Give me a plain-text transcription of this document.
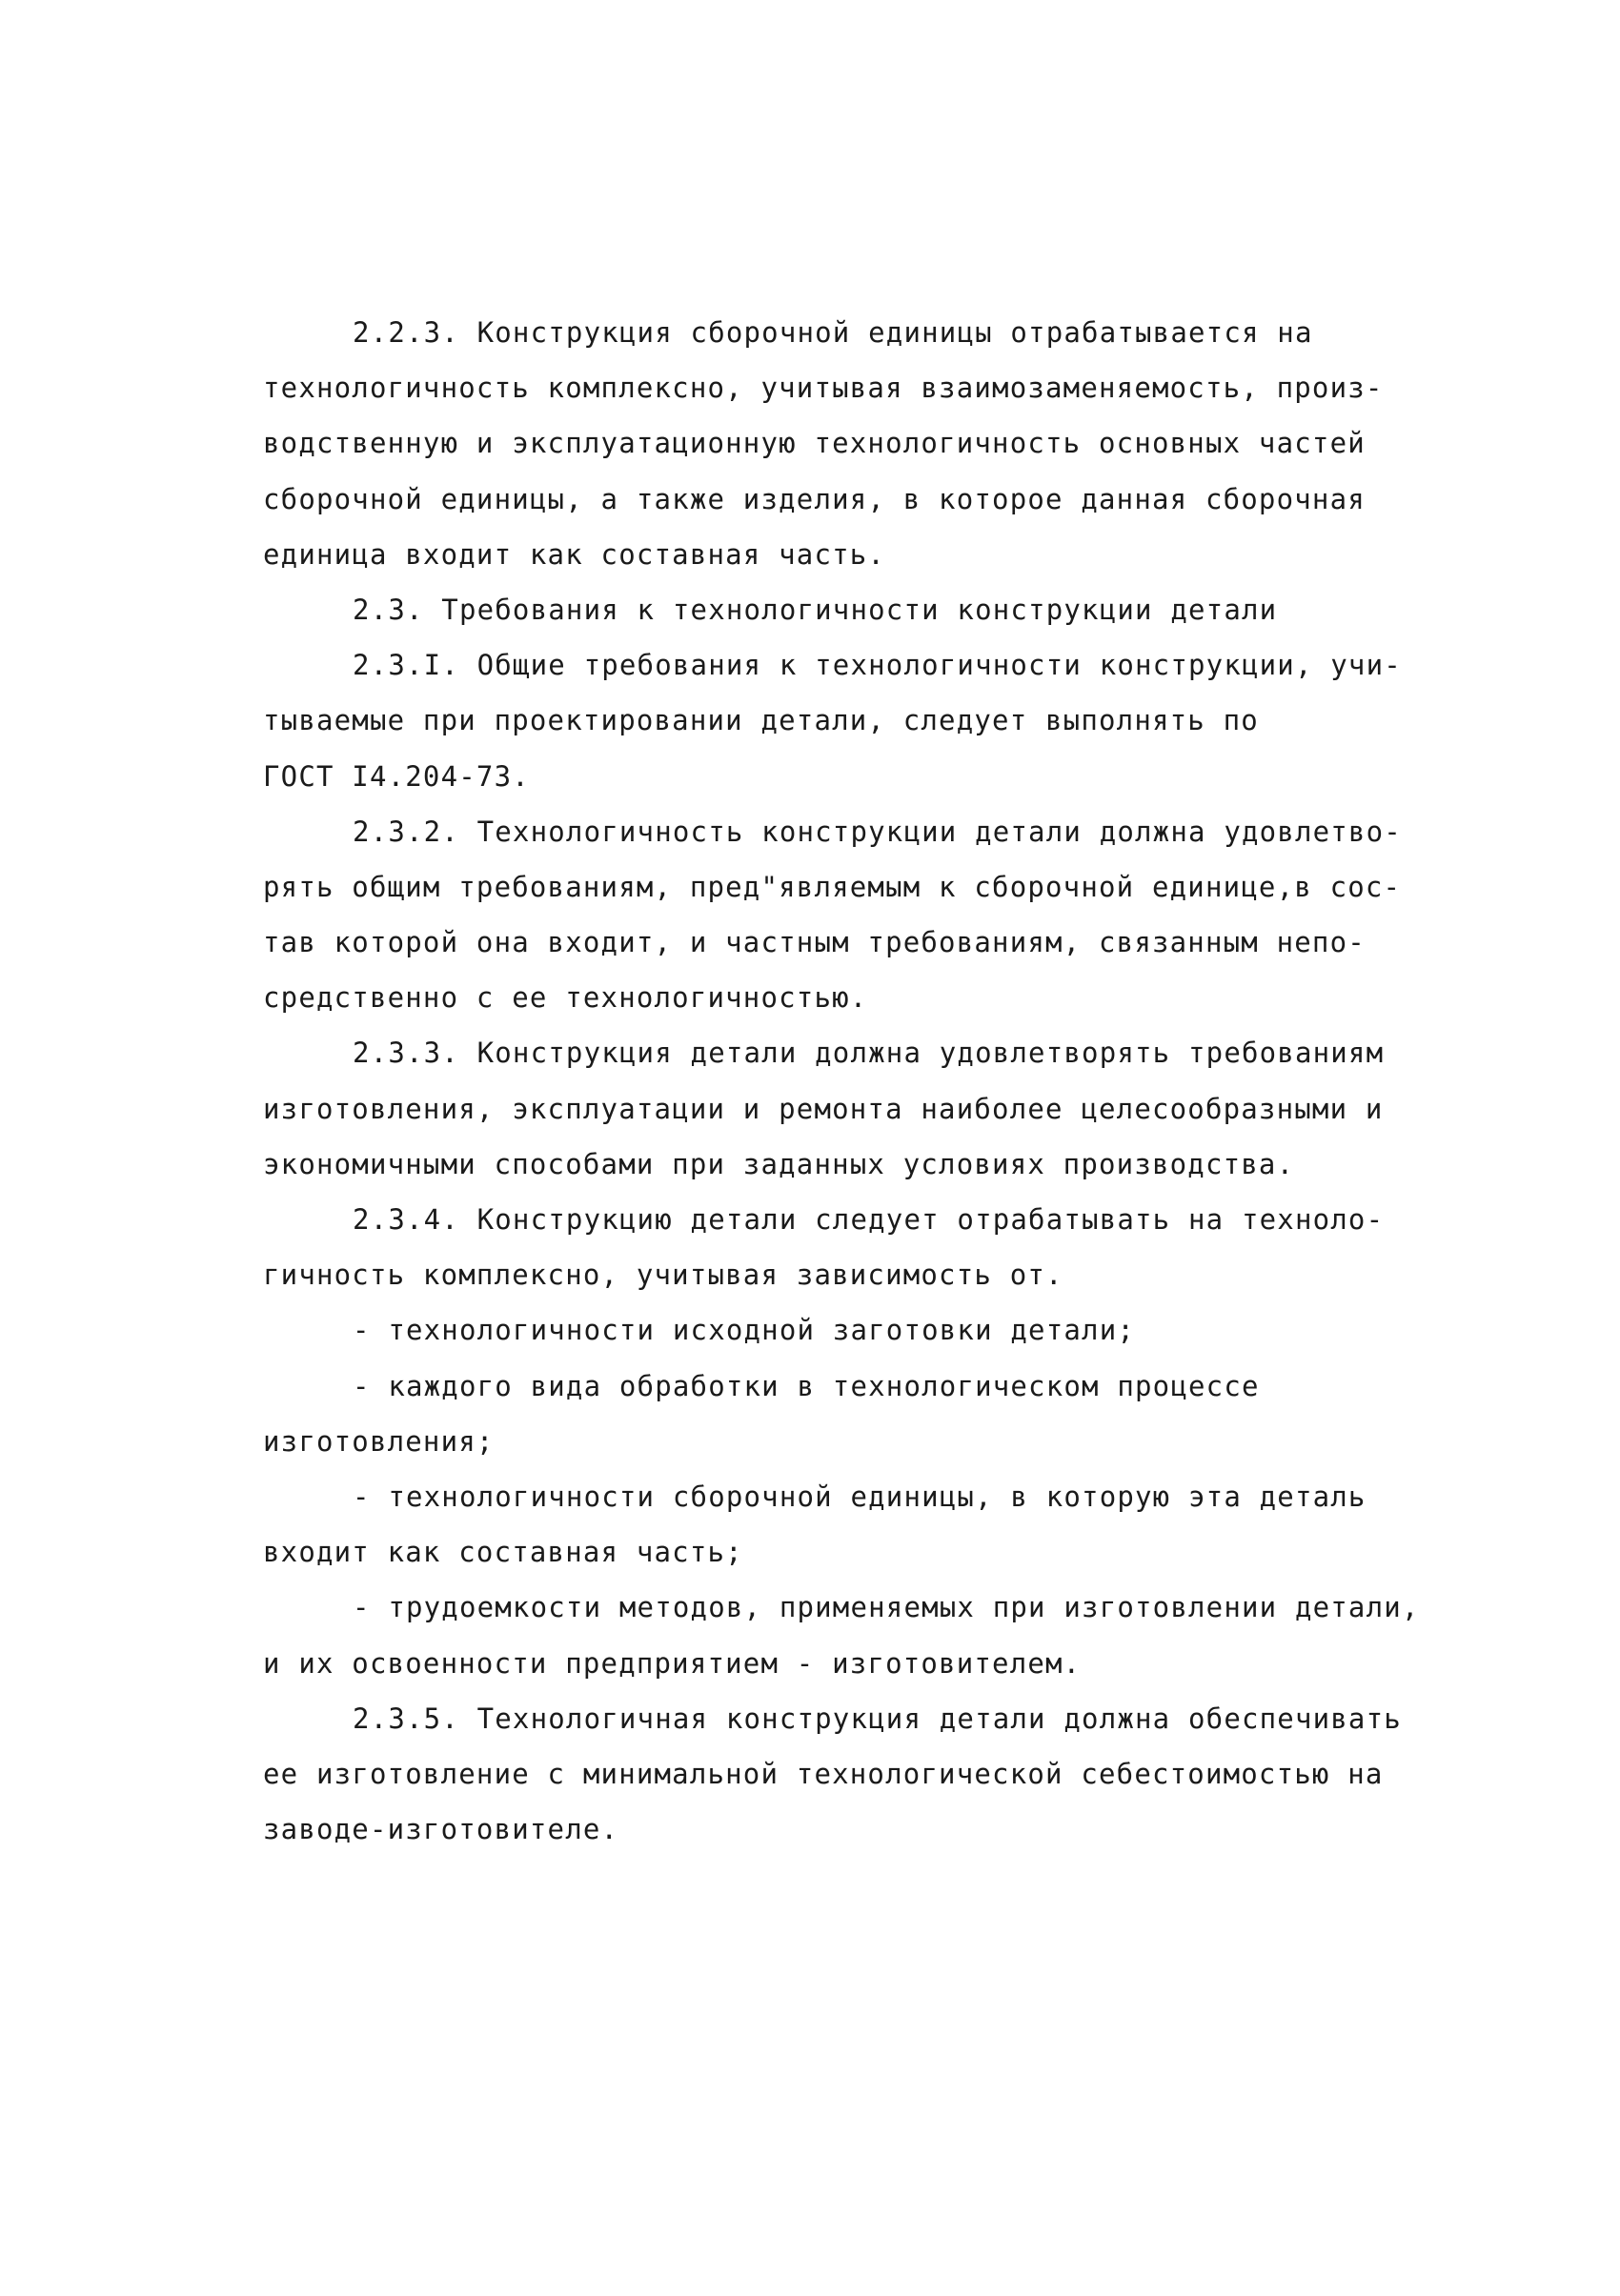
2.2.3. Конструкция сборочной единицы отрабатывается на
технологичность комплексно, учитывая взаимозаменяемость, произ-
водственную и эксплуатационную технологичность основных частей
сборочной единицы, а также изделия, в которое данная сборочная
единица входит как составная часть.
2.3. Требования к технологичности конструкции детали
2.3.I. Общие требования к технологичности конструкции, учи-
тываемые при проектировании детали, следует выполнять по
ГОСТ I4.204-73.
2.3.2. Технологичность конструкции детали должна удовлетво-
рять общим требованиям, пред"являемым к сборочной единице,в сос-
тав которой она входит, и частным требованиям, связанным непо-
средственно с ее технологичностью.
2.3.3. Конструкция детали должна удовлетворять требованиям
изготовления, эксплуатации и ремонта наиболее целесообразными и
экономичными способами при заданных условиях производства.
2.3.4. Конструкцию детали следует отрабатывать на техноло-
гичность комплексно, учитывая зависимость от.
- технологичности исходной заготовки детали;
- каждого вида обработки в технологическом процессе
изготовления;
- технологичности сборочной единицы, в которую эта деталь
входит как составная часть;
- трудоемкости методов, применяемых при изготовлении детали,
и их освоенности предприятием - изготовителем.
2.3.5. Технологичная конструкция детали должна обеспечивать
ее изготовление с минимальной технологической себестоимостью на
заводе-изготовителе.
